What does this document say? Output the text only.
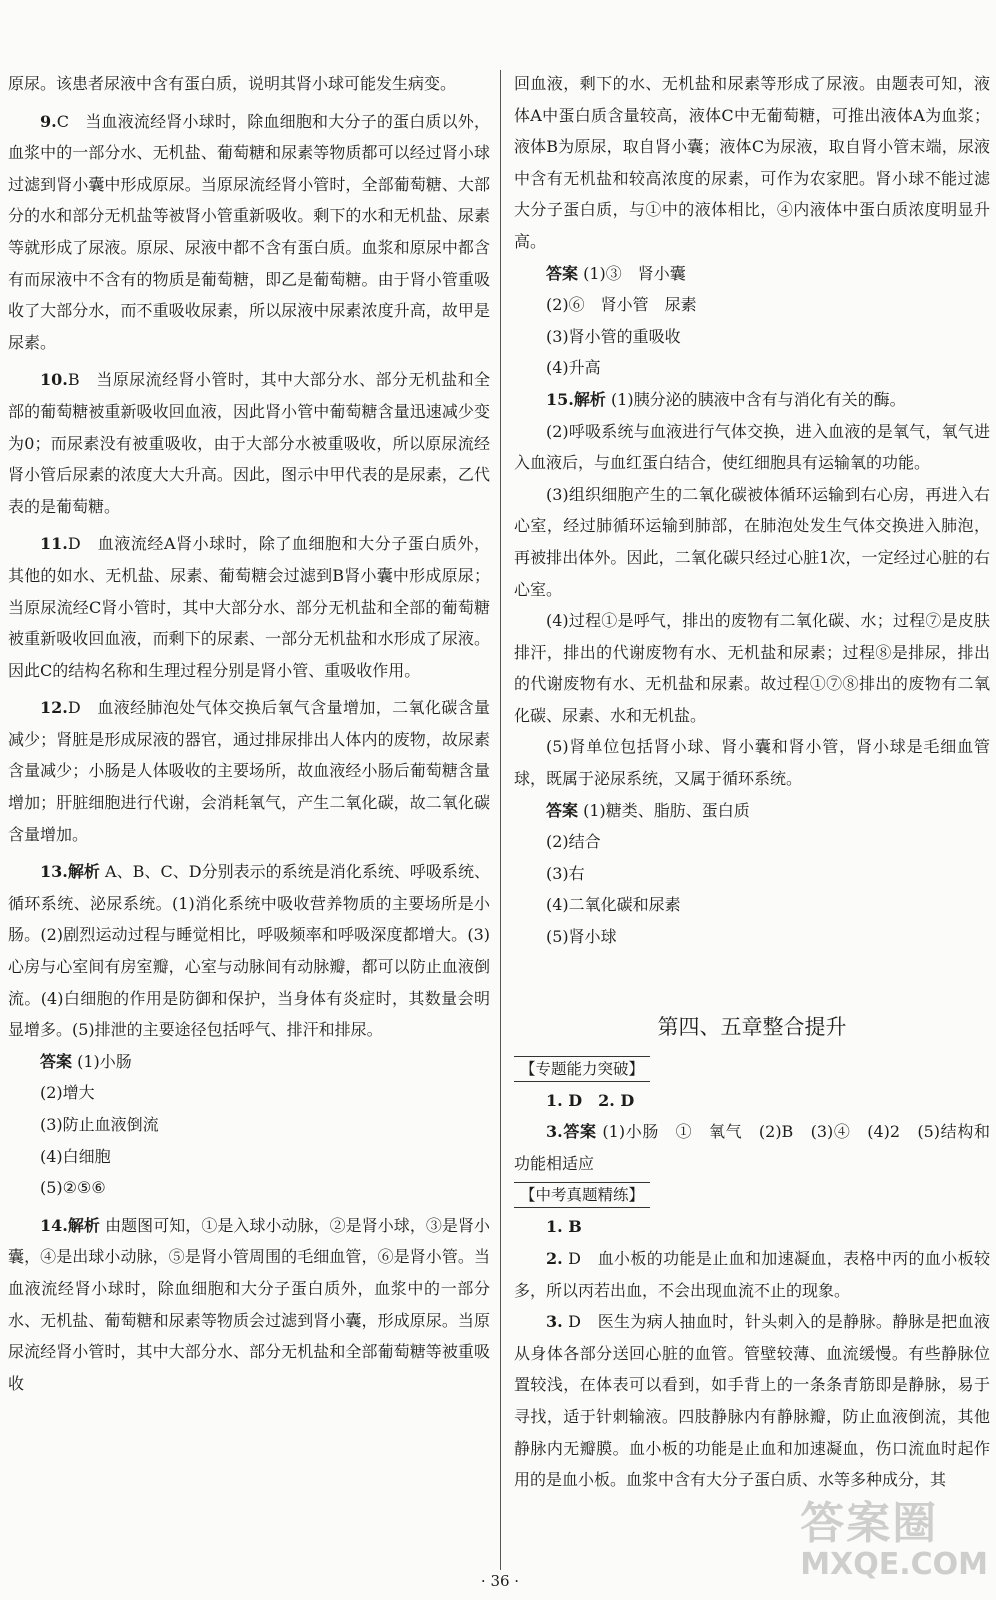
原尿。该患者尿液中含有蛋白质，说明其肾小球可能发生病变。

9.C　当血液流经肾小球时，除血细胞和大分子的蛋白质以外，血浆中的一部分水、无机盐、葡萄糖和尿素等物质都可以经过肾小球过滤到肾小囊中形成原尿。当原尿流经肾小管时，全部葡萄糖、大部分的水和部分无机盐等被肾小管重新吸收。剩下的水和无机盐、尿素等就形成了尿液。原尿、尿液中都不含有蛋白质。血浆和原尿中都含有而尿液中不含有的物质是葡萄糖，即乙是葡萄糖。由于肾小管重吸收了大部分水，而不重吸收尿素，所以尿液中尿素浓度升高，故甲是尿素。

10.B　当原尿流经肾小管时，其中大部分水、部分无机盐和全部的葡萄糖被重新吸收回血液，因此肾小管中葡萄糖含量迅速减少变为0；而尿素没有被重吸收，由于大部分水被重吸收，所以原尿流经肾小管后尿素的浓度大大升高。因此，图示中甲代表的是尿素，乙代表的是葡萄糖。

11.D　血液流经A肾小球时，除了血细胞和大分子蛋白质外，其他的如水、无机盐、尿素、葡萄糖会过滤到B肾小囊中形成原尿；当原尿流经C肾小管时，其中大部分水、部分无机盐和全部的葡萄糖被重新吸收回血液，而剩下的尿素、一部分无机盐和水形成了尿液。因此C的结构名称和生理过程分别是肾小管、重吸收作用。

12.D　血液经肺泡处气体交换后氧气含量增加，二氧化碳含量减少；肾脏是形成尿液的器官，通过排尿排出人体内的废物，故尿素含量减少；小肠是人体吸收的主要场所，故血液经小肠后葡萄糖含量增加；肝脏细胞进行代谢，会消耗氧气，产生二氧化碳，故二氧化碳含量增加。

13.解析 A、B、C、D分别表示的系统是消化系统、呼吸系统、循环系统、泌尿系统。(1)消化系统中吸收营养物质的主要场所是小肠。(2)剧烈运动过程与睡觉相比，呼吸频率和呼吸深度都增大。(3)心房与心室间有房室瓣，心室与动脉间有动脉瓣，都可以防止血液倒流。(4)白细胞的作用是防御和保护，当身体有炎症时，其数量会明显增多。(5)排泄的主要途径包括呼气、排汗和排尿。

答案 (1)小肠

(2)增大

(3)防止血液倒流

(4)白细胞

(5)②⑤⑥

14.解析 由题图可知，①是入球小动脉，②是肾小球，③是肾小囊，④是出球小动脉，⑤是肾小管周围的毛细血管，⑥是肾小管。当血液流经肾小球时，除血细胞和大分子蛋白质外，血浆中的一部分水、无机盐、葡萄糖和尿素等物质会过滤到肾小囊，形成原尿。当原尿流经肾小管时，其中大部分水、部分无机盐和全部葡萄糖等被重吸收

回血液，剩下的水、无机盐和尿素等形成了尿液。由题表可知，液体A中蛋白质含量较高，液体C中无葡萄糖，可推出液体A为血浆；液体B为原尿，取自肾小囊；液体C为尿液，取自肾小管末端，尿液中含有无机盐和较高浓度的尿素，可作为农家肥。肾小球不能过滤大分子蛋白质，与①中的液体相比，④内液体中蛋白质浓度明显升高。

答案 (1)③　肾小囊

(2)⑥　肾小管　尿素

(3)肾小管的重吸收

(4)升高

15.解析 (1)胰分泌的胰液中含有与消化有关的酶。

(2)呼吸系统与血液进行气体交换，进入血液的是氧气，氧气进入血液后，与血红蛋白结合，使红细胞具有运输氧的功能。

(3)组织细胞产生的二氧化碳被体循环运输到右心房，再进入右心室，经过肺循环运输到肺部，在肺泡处发生气体交换进入肺泡，再被排出体外。因此，二氧化碳只经过心脏1次，一定经过心脏的右心室。

(4)过程①是呼气，排出的废物有二氧化碳、水；过程⑦是皮肤排汗，排出的代谢废物有水、无机盐和尿素；过程⑧是排尿，排出的代谢废物有水、无机盐和尿素。故过程①⑦⑧排出的废物有二氧化碳、尿素、水和无机盐。

(5)肾单位包括肾小球、肾小囊和肾小管，肾小球是毛细血管球，既属于泌尿系统，又属于循环系统。

答案 (1)糖类、脂肪、蛋白质

(2)结合

(3)右

(4)二氧化碳和尿素

(5)肾小球

第四、五章整合提升
【专题能力突破】

1. D　2. D

3.答案 (1)小肠　①　氧气　(2)B　(3)④　(4)2　(5)结构和功能相适应

【中考真题精练】

1. B

2. D　血小板的功能是止血和加速凝血，表格中丙的血小板较多，所以丙若出血，不会出现血流不止的现象。

3. D　医生为病人抽血时，针头刺入的是静脉。静脉是把血液从身体各部分送回心脏的血管。管壁较薄、血流缓慢。有些静脉位置较浅，在体表可以看到，如手背上的一条条青筋即是静脉，易于寻找，适于针刺输液。四肢静脉内有静脉瓣，防止血液倒流，其他静脉内无瓣膜。血小板的功能是止血和加速凝血，伤口流血时起作用的是血小板。血浆中含有大分子蛋白质、水等多种成分，其

· 36 ·
答案圈
MXQE.COM
